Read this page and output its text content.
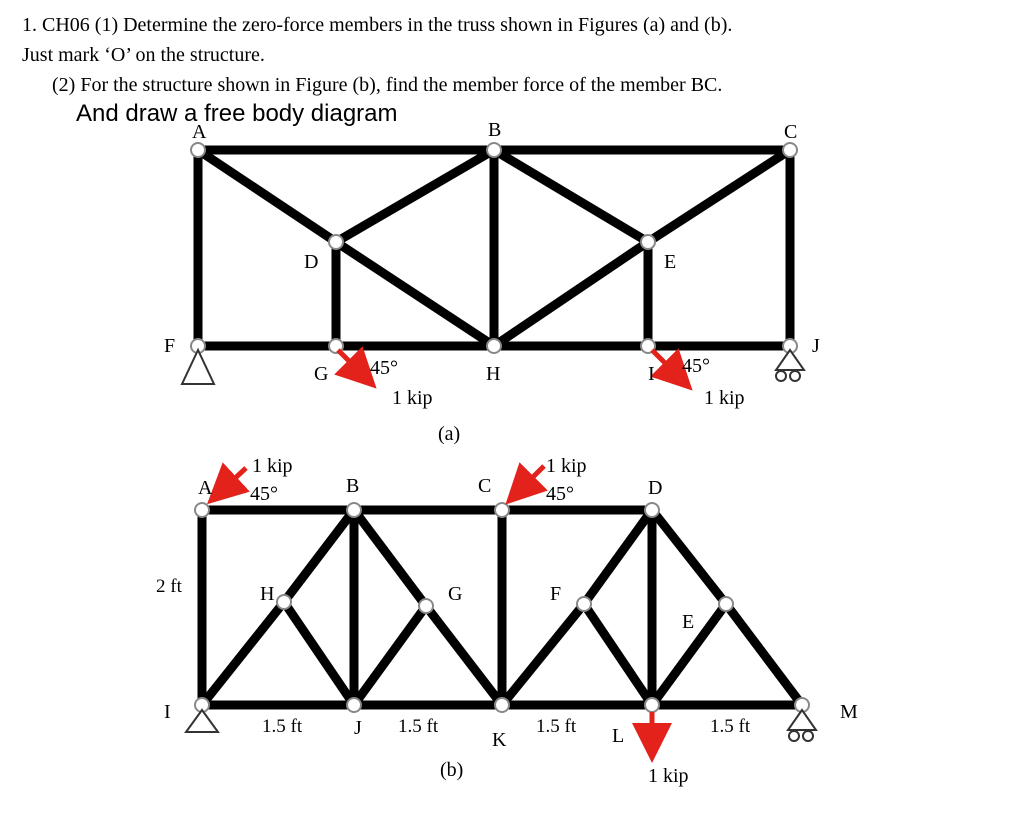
1. CH06 (1) Determine the zero-force members in the truss shown in Figures (a) and (b).
Just mark ‘O’ on the structure.
(2) For the structure shown in Figure (b), find the member force of the member BC.
And draw a free body diagram
A	B	C
D	E
F
G	H	I
J
45°
1 kip
45°
1 kip
(a)
A	B	C	D
H	G	F
E
I
J
K	L
M
1 kip
45°
1 kip
45°
1 kip
2 ft
1.5 ft	1.5 ft	1.5 ft	1.5 ft
(b)
